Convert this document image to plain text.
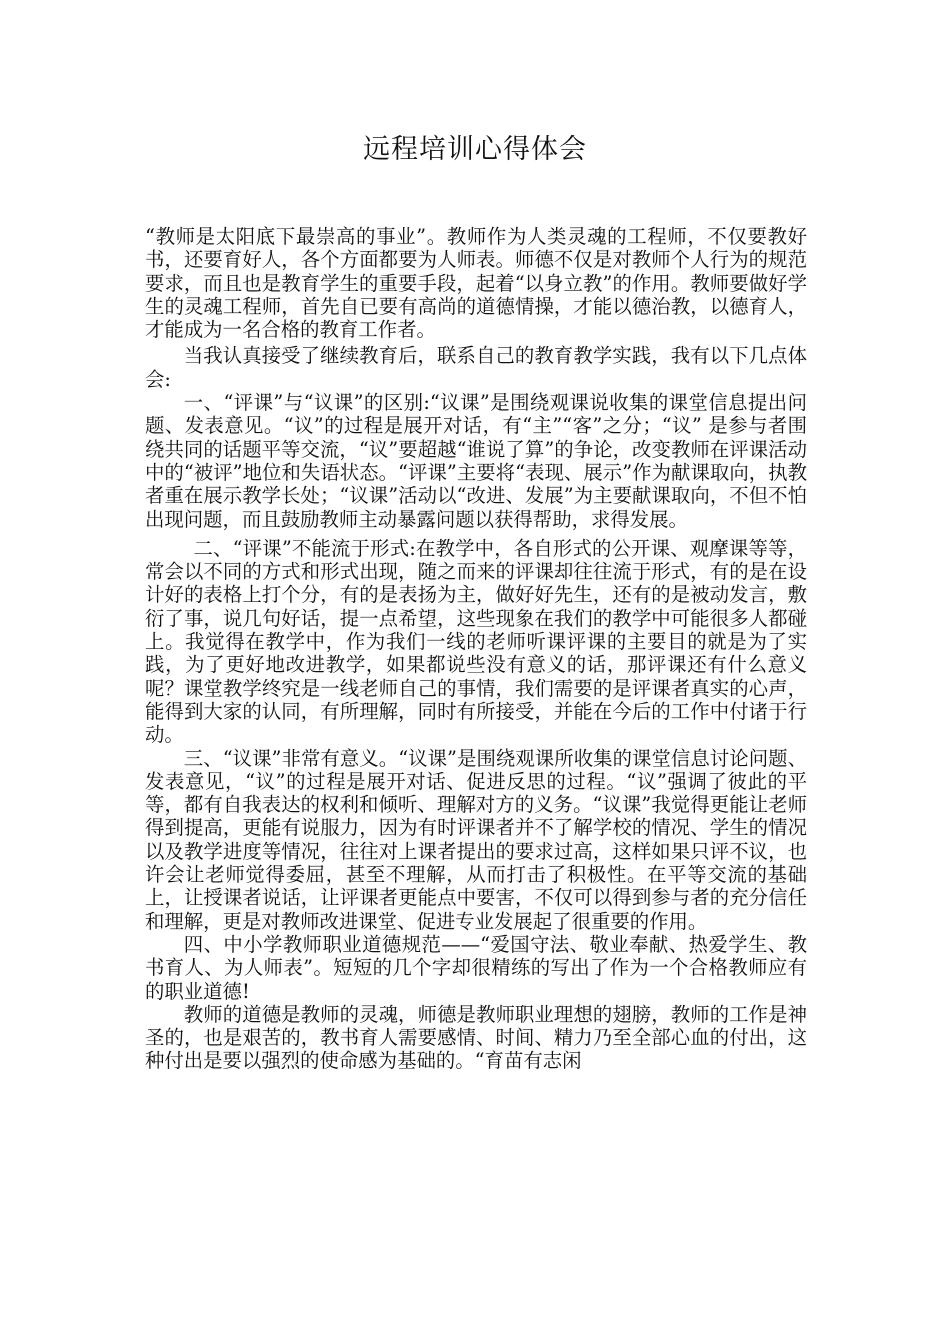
远程培训心得体会

“教师是太阳底下最崇高的事业”。教师作为人类灵魂的工程师，不仅要教好书，还要育好人，各个方面都要为人师表。师德不仅是对教师个人行为的规范要求，而且也是教育学生的重要手段，起着“以身立教”的作用。教师要做好学生的灵魂工程师，首先自已要有高尚的道德情操，才能以德治教，以德育人，才能成为一名合格的教育工作者。

当我认真接受了继续教育后，联系自己的教育教学实践，我有以下几点体会:

一、“评课”与“议课”的区别:“议课”是围绕观课说收集的课堂信息提出问题、发表意见。“议”的过程是展开对话，有“主”“客”之分；“议” 是参与者围绕共同的话题平等交流，“议”要超越“谁说了算”的争论，改变教师在评课活动中的“被评”地位和失语状态。“评课”主要将“表现、展示”作为献课取向，执教者重在展示教学长处；“议课”活动以“改进、发展”为主要献课取向，不但不怕出现问题，而且鼓励教师主动暴露问题以获得帮助，求得发展。

二、“评课”不能流于形式:在教学中，各自形式的公开课、观摩课等等，常会以不同的方式和形式出现，随之而来的评课却往往流于形式，有的是在设计好的表格上打个分，有的是表扬为主，做好好先生，还有的是被动发言，敷衍了事，说几句好话，提一点希望，这些现象在我们的教学中可能很多人都碰上。我觉得在教学中，作为我们一线的老师听课评课的主要目的就是为了实践，为了更好地改进教学，如果都说些没有意义的话，那评课还有什么意义呢？课堂教学终究是一线老师自己的事情，我们需要的是评课者真实的心声，能得到大家的认同，有所理解，同时有所接受，并能在今后的工作中付诸于行动。

三、“议课”非常有意义。“议课”是围绕观课所收集的课堂信息讨论问题、发表意见，“议”的过程是展开对话、促进反思的过程。“议”强调了彼此的平等，都有自我表达的权利和倾听、理解对方的义务。“议课”我觉得更能让老师得到提高，更能有说服力，因为有时评课者并不了解学校的情况、学生的情况以及教学进度等情况，往往对上课者提出的要求过高，这样如果只评不议，也许会让老师觉得委屈，甚至不理解，从而打击了积极性。在平等交流的基础上，让授课者说话，让评课者更能点中要害，不仅可以得到参与者的充分信任和理解，更是对教师改进课堂、促进专业发展起了很重要的作用。

四、中小学教师职业道德规范——“爱国守法、敬业奉献、热爱学生、教书育人、为人师表”。短短的几个字却很精练的写出了作为一个合格教师应有的职业道德!

教师的道德是教师的灵魂，师德是教师职业理想的翅膀，教师的工作是神圣的，也是艰苦的，教书育人需要感情、时间、精力乃至全部心血的付出，这种付出是要以强烈的使命感为基础的。“育苗有志闲
